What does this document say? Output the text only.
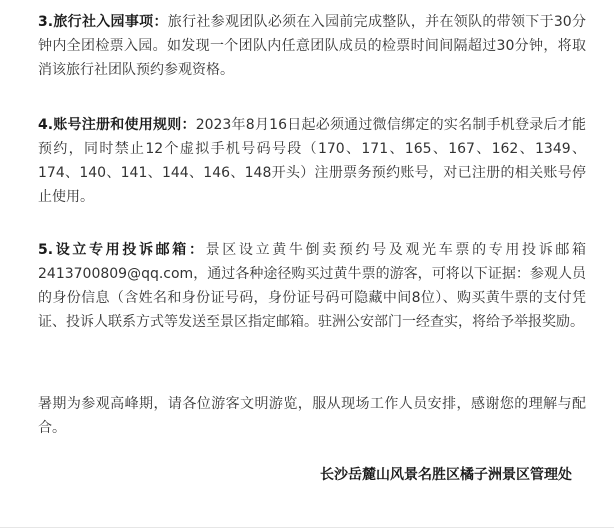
3.旅行社入园事项：旅行社参观团队必须在入园前完成整队，并在领队的带领下于30分钟内全团检票入园。如发现一个团队内任意团队成员的检票时间间隔超过30分钟，将取消该旅行社团队预约参观资格。

4.账号注册和使用规则：2023年8月16日起必须通过微信绑定的实名制手机登录后才能预约，同时禁止12个虚拟手机号码号段（170、171、165、167、162、1349、174、140、141、144、146、148开头）注册票务预约账号，对已注册的相关账号停止使用。

5.设立专用投诉邮箱：景区设立黄牛倒卖预约号及观光车票的专用投诉邮箱2413700809@qq.com，通过各种途径购买过黄牛票的游客，可将以下证据：参观人员的身份信息（含姓名和身份证号码，身份证号码可隐藏中间8位）、购买黄牛票的支付凭证、投诉人联系方式等发送至景区指定邮箱。驻洲公安部门一经查实，将给予举报奖励。

暑期为参观高峰期，请各位游客文明游览，服从现场工作人员安排，感谢您的理解与配合。

长沙岳麓山风景名胜区橘子洲景区管理处
